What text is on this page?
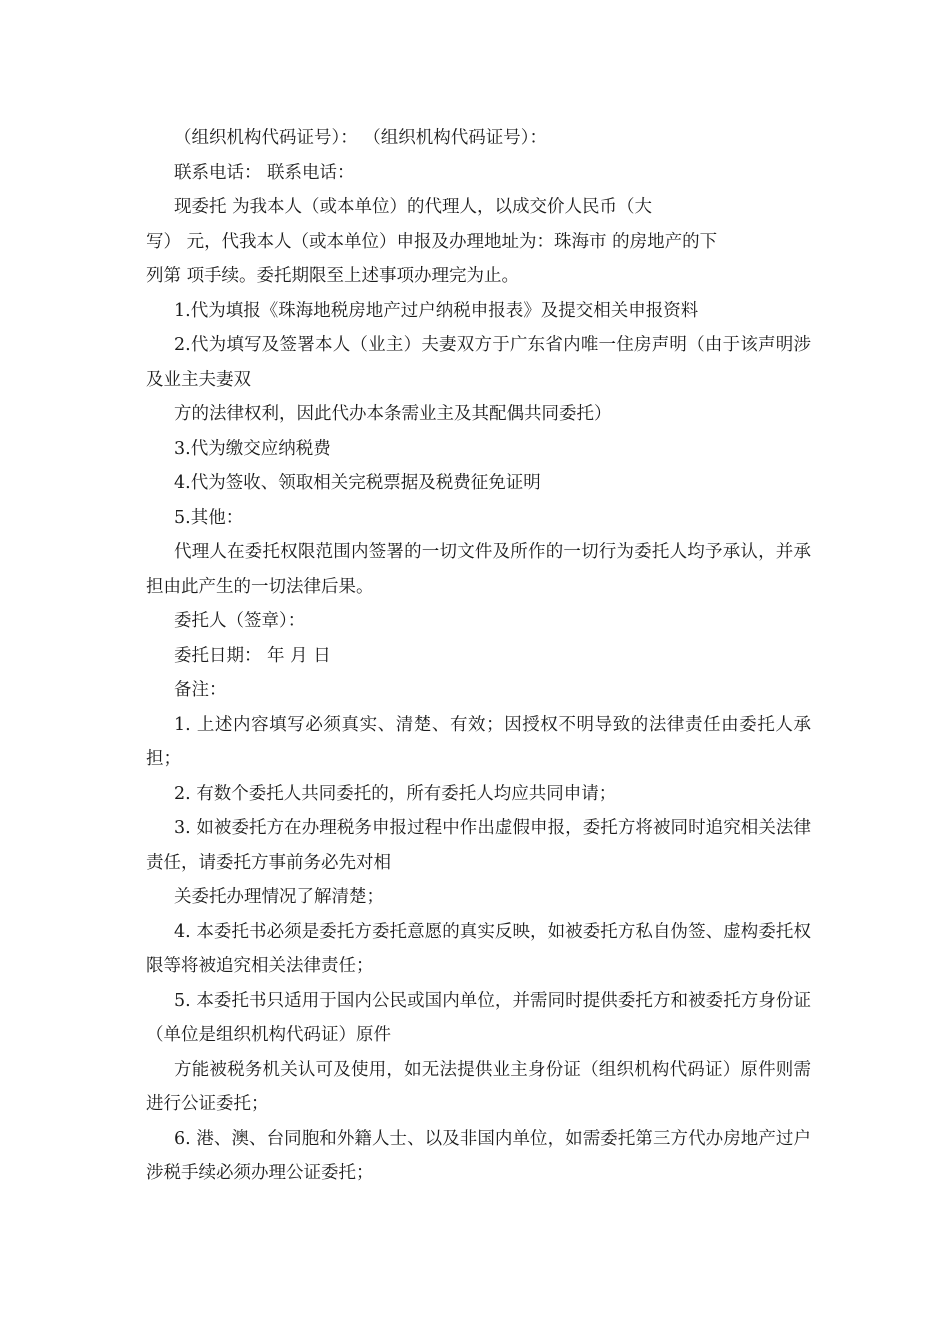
（组织机构代码证号）： （组织机构代码证号）：

联系电话： 联系电话：

现委托 为我本人（或本单位）的代理人，以成交价人民币（大

写） 元，代我本人（或本单位）申报及办理地址为：珠海市 的房地产的下

列第 项手续。委托期限至上述事项办理完为止。

1.代为填报《珠海地税房地产过户纳税申报表》及提交相关申报资料

2.代为填写及签署本人（业主）夫妻双方于广东省内唯一住房声明（由于该声明涉及业主夫妻双

方的法律权利，因此代办本条需业主及其配偶共同委托）

3.代为缴交应纳税费

4.代为签收、领取相关完税票据及税费征免证明

5.其他：

代理人在委托权限范围内签署的一切文件及所作的一切行为委托人均予承认，并承担由此产生的一切法律后果。

委托人（签章）：

委托日期： 年 月 日

备注：

1. 上述内容填写必须真实、清楚、有效；因授权不明导致的法律责任由委托人承担；

2. 有数个委托人共同委托的，所有委托人均应共同申请；

3. 如被委托方在办理税务申报过程中作出虚假申报，委托方将被同时追究相关法律责任，请委托方事前务必先对相

关委托办理情况了解清楚；

4. 本委托书必须是委托方委托意愿的真实反映，如被委托方私自伪签、虚构委托权限等将被追究相关法律责任；

5. 本委托书只适用于国内公民或国内单位，并需同时提供委托方和被委托方身份证（单位是组织机构代码证）原件

方能被税务机关认可及使用，如无法提供业主身份证（组织机构代码证）原件则需进行公证委托；

6. 港、澳、台同胞和外籍人士、以及非国内单位，如需委托第三方代办房地产过户涉税手续必须办理公证委托；
